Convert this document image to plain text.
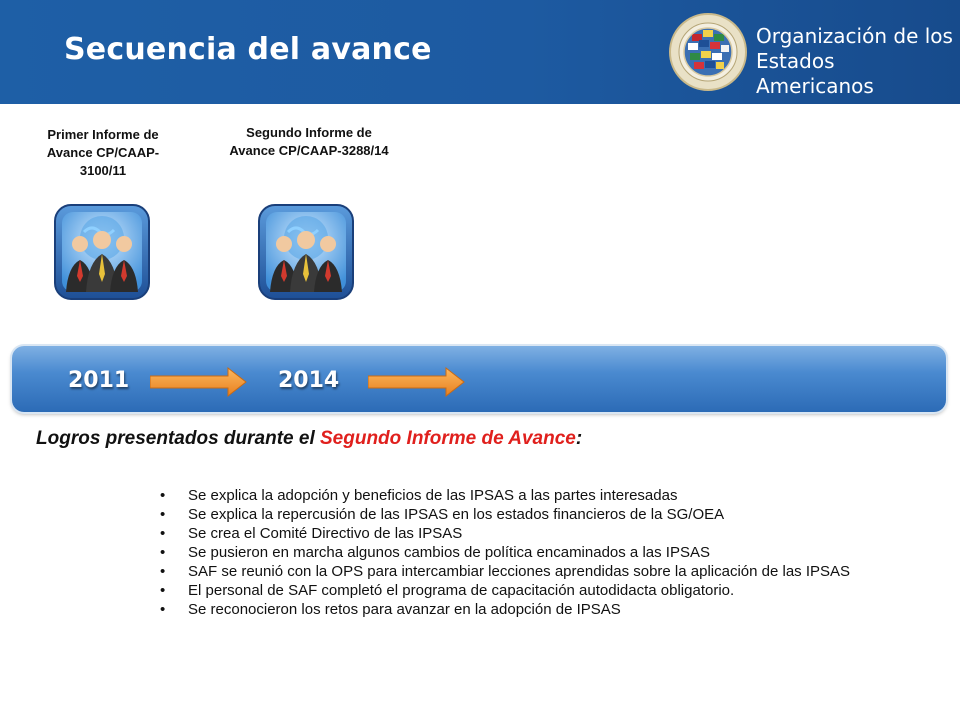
Secuencia del avance	Organización de los
Estados Americanos
Primer Informe de Avance CP/CAAP-3100/11
Segundo Informe de Avance CP/CAAP-3288/14
2011	2014
Logros presentados durante el Segundo Informe de Avance:
• Se explica la adopción y beneficios de las IPSAS a las partes interesadas
• Se explica la repercusión de las IPSAS en los estados financieros de la SG/OEA
• Se crea el Comité Directivo de las IPSAS
• Se pusieron en marcha algunos cambios de política encaminados a las IPSAS
• SAF se reunió con la OPS para intercambiar lecciones aprendidas sobre la aplicación de las IPSAS
• El personal de SAF completó el programa de capacitación autodidacta obligatorio.
• Se reconocieron los retos para avanzar en la adopción de IPSAS
